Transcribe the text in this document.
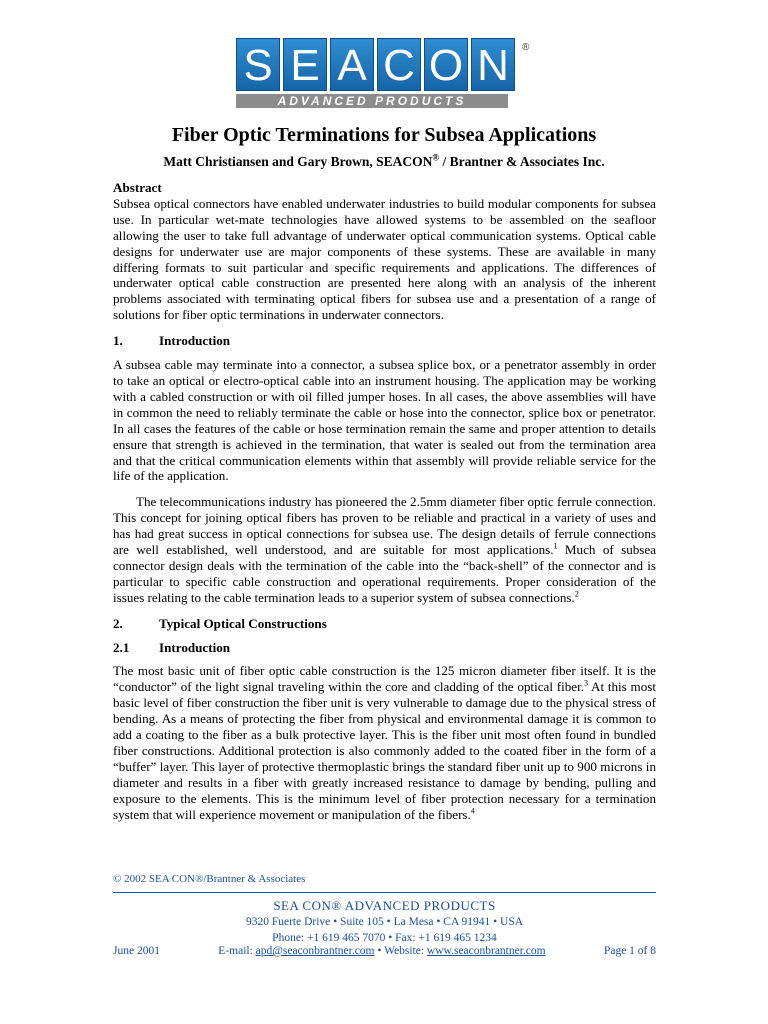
S E A C O N	®
ADVANCED PRODUCTS
Fiber Optic Terminations for Subsea Applications
Matt Christiansen and Gary Brown, SEACON® / Brantner & Associates Inc.

Abstract

Subsea optical connectors have enabled underwater industries to build modular components for subsea use. In particular wet-mate technologies have allowed systems to be assembled on the seafloor allowing the user to take full advantage of underwater optical communication systems. Optical cable designs for underwater use are major components of these systems. These are available in many differing formats to suit particular and specific requirements and applications. The differences of underwater optical cable construction are presented here along with an analysis of the inherent problems associated with terminating optical fibers for subsea use and a presentation of a range of solutions for fiber optic terminations in underwater connectors.

1.	Introduction

A subsea cable may terminate into a connector, a subsea splice box, or a penetrator assembly in order to take an optical or electro-optical cable into an instrument housing. The application may be working with a cabled construction or with oil filled jumper hoses. In all cases, the above assemblies will have in common the need to reliably terminate the cable or hose into the connector, splice box or penetrator. In all cases the features of the cable or hose termination remain the same and proper attention to details ensure that strength is achieved in the termination, that water is sealed out from the termination area and that the critical communication elements within that assembly will provide reliable service for the life of the application.

The telecommunications industry has pioneered the 2.5mm diameter fiber optic ferrule connection. This concept for joining optical fibers has proven to be reliable and practical in a variety of uses and has had great success in optical connections for subsea use. The design details of ferrule connections are well established, well understood, and are suitable for most applications.$^1$ Much of subsea connector design deals with the termination of the cable into the “back-shell” of the connector and is particular to specific cable construction and operational requirements. Proper consideration of the issues relating to the cable termination leads to a superior system of subsea connections.$^2$

2.	Typical Optical Constructions

2.1 Introduction

The most basic unit of fiber optic cable construction is the 125 micron diameter fiber itself. It is the “conductor” of the light signal traveling within the core and cladding of the optical fiber.$^3$ At this most basic level of fiber construction the fiber unit is very vulnerable to damage due to the physical stress of bending. As a means of protecting the fiber from physical and environmental damage it is common to add a coating to the fiber as a bulk protective layer. This is the fiber unit most often found in bundled fiber constructions. Additional protection is also commonly added to the coated fiber in the form of a “buffer” layer. This layer of protective thermoplastic brings the standard fiber unit up to 900 microns in diameter and results in a fiber with greatly increased resistance to damage by bending, pulling and exposure to the elements. This is the minimum level of fiber protection necessary for a termination system that will experience movement or manipulation of the fibers.$^4$

© 2002 SEA CON®/Brantner & Associates
SEA CON® ADVANCED PRODUCTS
9320 Fuerte Drive • Suite 105 • La Mesa • CA 91941 • USA
Phone: +1 619 465 7070 • Fax: +1 619 465 1234
June 2001	E-mail: apd@seaconbrantner.com • Website: www.seaconbrantner.com	Page 1 of 8
